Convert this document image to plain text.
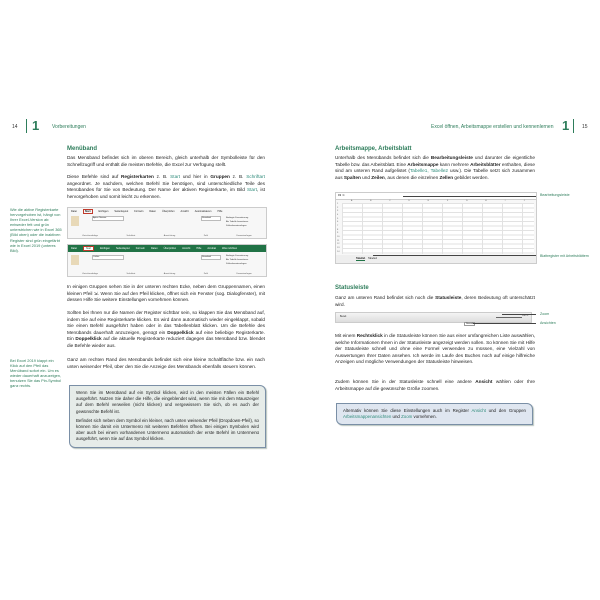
14 1	Vorbereitungen
Menüband

Das Menüband befindet sich im oberen Bereich, gleich unterhalb der Symbolleiste für den Schnellzugriff und enthält die meisten Befehle, die Excel zur Verfügung stellt.

Diese Befehle sind auf Registerkarten z. B. Start und hier in Gruppen z. B. Schriftart angeordnet. Je nachdem, welchen Befehl Sie benötigen, sind unterschiedliche Teile des Menübandes für Sie von Bedeutung. Der Name der aktiven Registerkarte, im Bild Start, ist hervorgehoben und somit leicht zu erkennen.

Wie die aktive Registerkarte hervorgehoben ist, hängt von Ihrer Excel-Version ab: entweder fett und grün unterstrichen wie in Excel 365 (Bild oben) oder die inaktiven Register sind grün eingefärbt wie in Excel 2019 (unteres Bild).
Bei Excel 2019 klappt ein Klick auf den Pfeil das Menüband sofort ein. Um es wieder dauerhaft anzuzeigen, benutzen Sie das Pin-Symbol ganz rechts.
Datei	Start	Einfügen Seitenlayout Formeln Daten Überprüfen Ansicht Automatisieren Hilfe
Aptos Narrow	Standard	Bedingte Formatierung
Als Tabelle formatieren
Zellenformatvorlagen
Zwischenablage	Schriftart	Ausrichtung	Zahl	Formatvorlagen
Datei	Start	Einfügen Seitenlayout Formeln Daten Überprüfen Ansicht Hilfe Acrobat Was möchten
Calibri	Standard	Bedingte Formatierung
Als Tabelle formatieren
Zellenformatvorlagen
Zwischenablage	Schriftart	Ausrichtung	Zahl	Formatvorlagen

In einigen Gruppen sehen Sie in der unteren rechten Ecke, neben dem Gruppennamen, einen kleinen Pfeil ⇲. Wenn Sie auf den Pfeil klicken, öffnet sich ein Fenster (sog. Dialogfenster), mit dessen Hilfe Sie weitere Einstellungen vornehmen können.

Sollten bei Ihnen nur die Namen der Register sichtbar sein, so klappen Sie das Menüband auf, indem Sie auf eine Registerkarte klicken. Es wird dann automatisch wieder eingeklappt, sobald Sie einen Befehl ausgeführt haben oder in das Tabellenblatt klicken. Um die Befehle des Menübands dauerhaft anzuzeigen, genügt ein Doppelklick auf eine beliebige Registerkarte. Ein Doppelklick auf die aktuelle Registerkarte reduziert dagegen das Menüband bzw. blendet die Befehle wieder aus.

Ganz am rechten Rand des Menübands befindet sich eine kleine Schaltfläche bzw. ein nach unten weisender Pfeil, über den Sie die Anzeige des Menübands ebenfalls steuern können.

Wenn Sie im Menüband auf ein Symbol klicken, wird in den meisten Fällen ein Befehl ausgeführt. Nutzen Sie daher die Hilfe, die eingeblendet wird, wenn Sie mit dem Mauszeiger auf dem Befehl verweilen (nicht klicken) und vergewissern Sie sich, ob es auch der gewünschte Befehl ist.

Befindet sich neben dem Symbol ein kleiner, nach unten weisender Pfeil (Dropdown-Pfeil), so können Sie damit ein Untermenü mit weiteren Befehlen öffnen. Bei einigen Symbolen wird aber auch bei einem vorhandenen Untermenü automatisch der erste Befehl im Untermenü ausgeführt, wenn Sie auf das Symbol klicken.

Excel öffnen, Arbeitsmappe erstellen und kennenlernen 1	15
Arbeitsmappe, Arbeitsblatt

Unterhalb des Menübands befindet sich die Bearbeitungsleiste und darunter die eigentliche Tabelle bzw. das Arbeitsblatt. Eine Arbeitsmappe kann mehrere Arbeitsblätter enthalten, diese sind am unteren Rand aufgelistet (Tabelle1, Tabelle2 usw.). Die Tabelle setzt sich zusammen aus Spalten und Zeilen, aus denen die einzelnen Zellen gebildet werden.

D9  fx
A	B	C	D	E	F	G	H	I	J
1
2
3
4
5
6
7
8
9
10
11
12
13
14
Tabelle1 Tabelle2
Bearbeitungsleiste
Blattregister mit Arbeitsblättern
Statusleiste

Ganz am unteren Rand befindet sich noch die Statusleiste, deren Bedeutung oft unterschätzt wird.

Bereit	100 %
Normal
Zoom
Ansichten

Mit einem Rechtsklick in die Statusleiste können Sie aus einer umfangreichen Liste auswählen, welche Informationen Ihnen in der Statusleiste angezeigt werden sollen. So können Sie mit Hilfe der Statusleiste schnell und ohne eine Formel verwenden zu müssen, eine Vielzahl von Auswertungen Ihrer Daten ansehen. Ich werde im Laufe des Buches noch auf einige hilfreiche Anzeigen und mögliche Verwendungen der Statusleiste hinweisen.

Zudem können Sie in der Statusleiste schnell eine andere Ansicht wählen oder Ihre Arbeitsmappe auf die gewünschte Größe zoomen.

Alternativ können Sie diese Einstellungen auch im Register Ansicht und den Gruppen Arbeitsmappenansichten und Zoom vornehmen.
